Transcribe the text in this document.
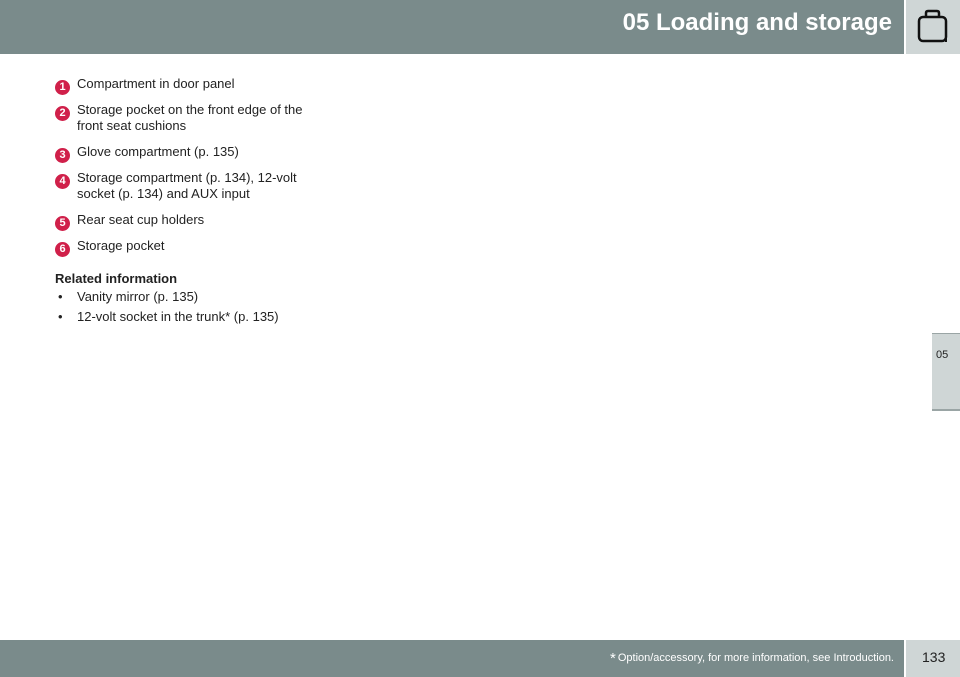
05 Loading and storage
05
1 Compartment in door panel
2 Storage pocket on the front edge of the front seat cushions
3 Glove compartment (p. 135)
4 Storage compartment (p. 134), 12-volt socket (p. 134) and AUX input
5 Rear seat cup holders
6 Storage pocket
Related information
• Vanity mirror (p. 135)
• 12-volt socket in the trunk* (p. 135)
* Option/accessory, for more information, see Introduction. 133
